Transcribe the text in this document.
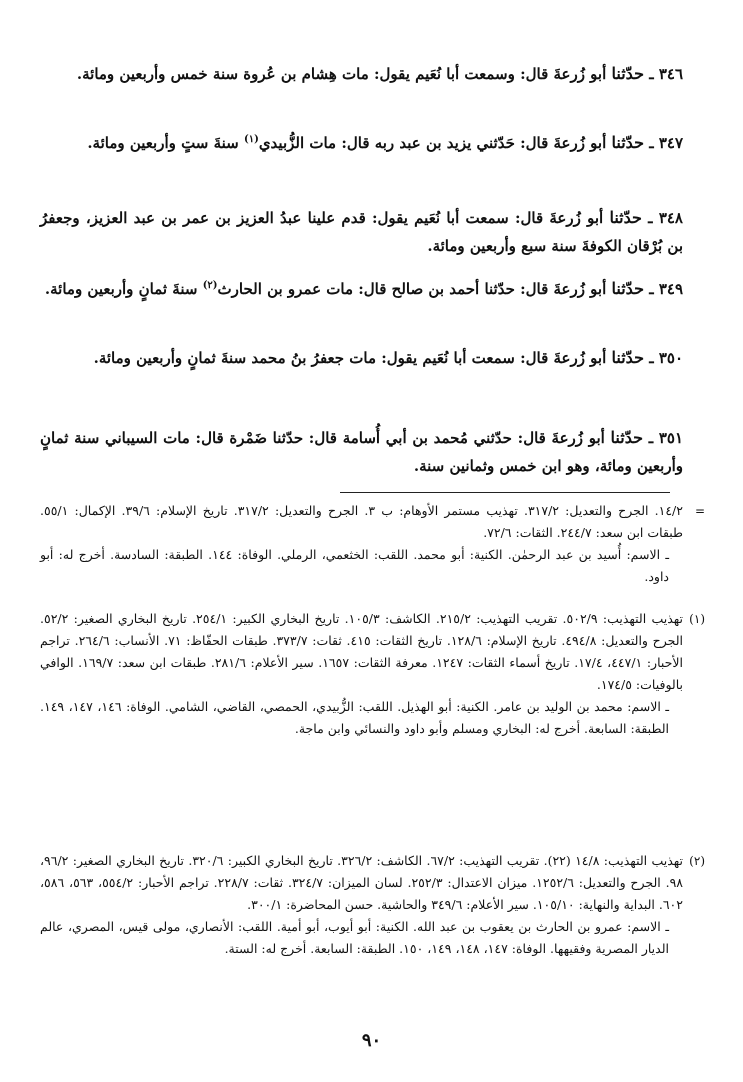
٣٤٦ ـ حدّثنا أبو زُرعةَ قال: وسمعت أبا نُعَيم يقول: مات هِشام بن عُروة سنة خمس وأربعين ومائة.
٣٤٧ ـ حدّثنا أبو زُرعةَ قال: حَدّثني يزيد بن عبد ربه قال: مات الزُّبيدي$^{(١)}$ سنةَ ستٍ وأربعين ومائة.
٣٤٨ ـ حدّثنا أبو زُرعةَ قال: سمعت أبا نُعَيم يقول: قدم علينا عبدُ العزيز بن عمر بن عبد العزيز، وجعفرُ بن بُرْقان الكوفةَ سنة سبع وأربعين ومائة.
٣٤٩ ـ حدّثنا أبو زُرعةَ قال: حدّثنا أحمد بن صالح قال: مات عمرو بن الحارث$^{(٢)}$ سنةَ ثمانٍ وأربعين ومائة.
٣٥٠ ـ حدّثنا أبو زُرعةَ قال: سمعت أبا نُعَيم يقول: مات جعفرُ بنُ محمد سنةَ ثمانٍ وأربعين ومائة.
٣٥١ ـ حدّثنا أبو زُرعةَ قال: حدّثني مُحمد بن أبي أُسامة قال: حدّثنا ضَمْرة قال: مات السيباني سنة ثمانٍ وأربعين ومائة، وهو ابن خمس وثمانين سنة.
=

١٤/٢. الجرح والتعديل: ٣١٧/٢. تهذيب مستمر الأوهام: ب ٣. الجرح والتعديل: ٣١٧/٢. تاريخ الإسلام: ٣٩/٦. الإكمال: ٥٥/١. طبقات ابن سعد: ٢٤٤/٧. الثقات: ٧٢/٦.

ـ الاسم: أُسيد بن عبد الرحمٰن. الكنية: أبو محمد. اللقب: الخثعمي، الرملي. الوفاة: ١٤٤. الطبقة: السادسة. أخرج له: أبو داود.

(١)

تهذيب التهذيب: ٥٠٢/٩. تقريب التهذيب: ٢١٥/٢. الكاشف: ١٠٥/٣. تاريخ البخاري الكبير: ٢٥٤/١. تاريخ البخاري الصغير: ٥٢/٢. الجرح والتعديل: ٤٩٤/٨. تاريخ الإسلام: ١٢٨/٦. تاريخ الثقات: ٤١٥. ثقات: ٣٧٣/٧. طبقات الحفّاظ: ٧١. الأنساب: ٢٦٤/٦. تراجم الأحبار: ٤٤٧/١، ١٧/٤. تاريخ أسماء الثقات: ١٢٤٧. معرفة الثقات: ١٦٥٧. سير الأعلام: ٢٨١/٦. طبقات ابن سعد: ١٦٩/٧. الوافي بالوفيات: ١٧٤/٥.

ـ الاسم: محمد بن الوليد بن عامر. الكنية: أبو الهذيل. اللقب: الزُّبيدي، الحمصي، القاضي، الشامي. الوفاة: ١٤٦، ١٤٧، ١٤٩. الطبقة: السابعة. أخرج له: البخاري ومسلم وأبو داود والنسائي وابن ماجة.

(٢)

تهذيب التهذيب: ١٤/٨ (٢٢). تقريب التهذيب: ٦٧/٢. الكاشف: ٣٢٦/٢. تاريخ البخاري الكبير: ٣٢٠/٦. تاريخ البخاري الصغير: ٩٦/٢، ٩٨. الجرح والتعديل: ١٢٥٢/٦. ميزان الاعتدال: ٢٥٢/٣. لسان الميزان: ٣٢٤/٧. ثقات: ٢٢٨/٧. تراجم الأحبار: ٥٥٤/٢، ٥٦٣، ٥٨٦، ٦٠٢. البداية والنهاية: ١٠٥/١٠. سير الأعلام: ٣٤٩/٦ والحاشية. حسن المحاضرة: ٣٠٠/١.

ـ الاسم: عمرو بن الحارث بن يعقوب بن عبد الله. الكنية: أبو أيوب، أبو أمية. اللقب: الأنصاري، مولى قيس، المصري، عالم الديار المصرية وفقيهها. الوفاة: ١٤٧، ١٤٨، ١٤٩، ١٥٠. الطبقة: السابعة. أخرج له: الستة.

٩٠
